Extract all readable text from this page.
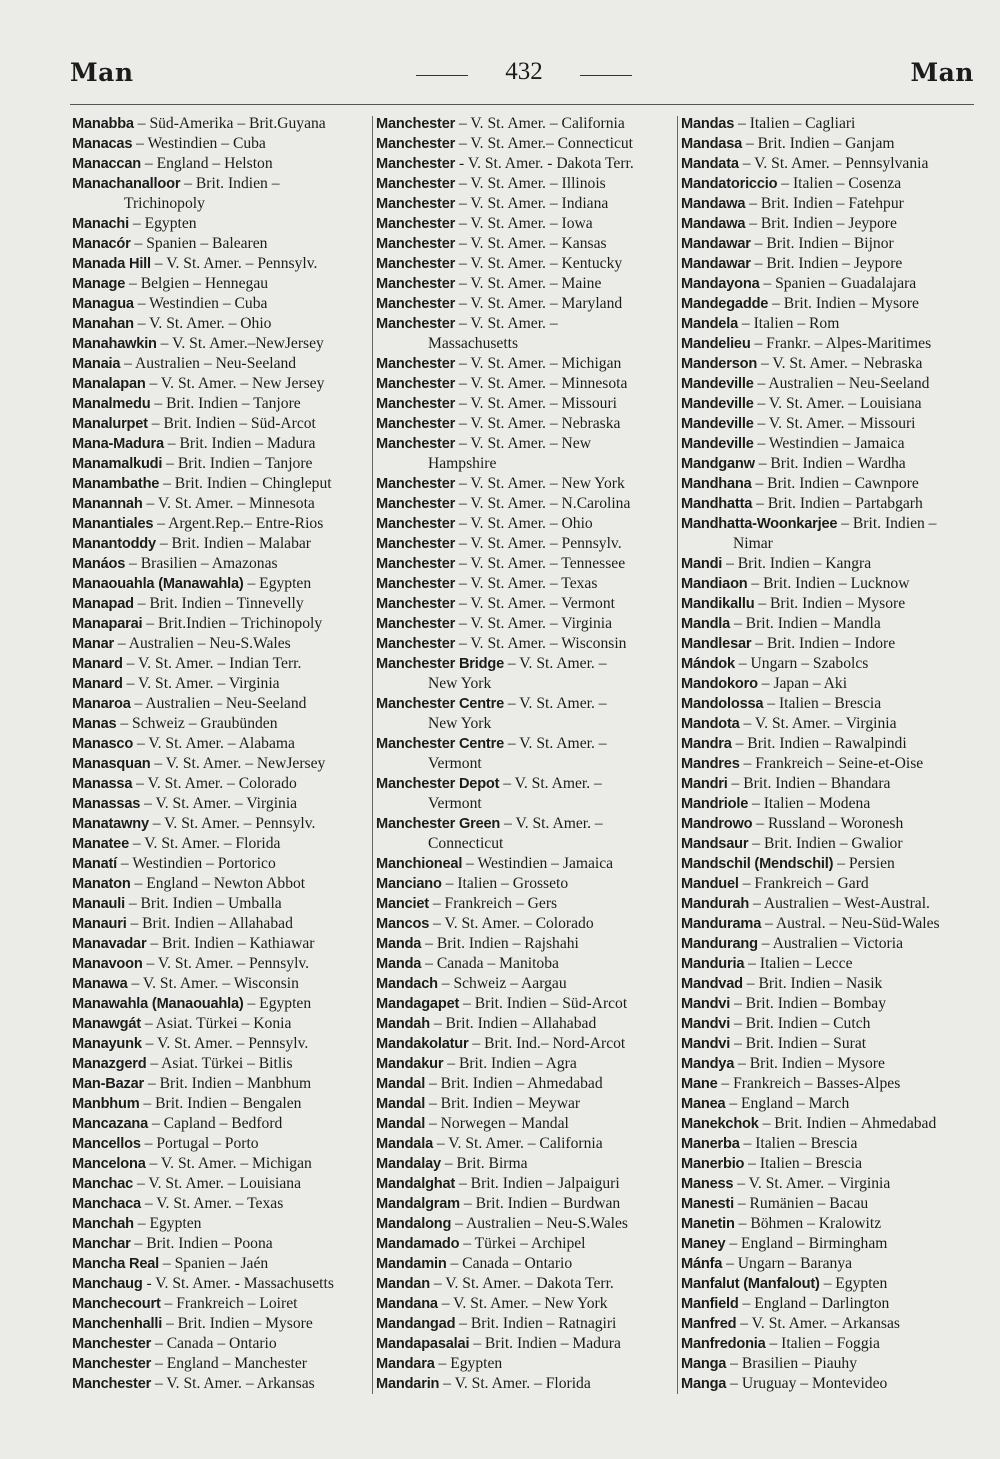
Man	432	Man
Manabba – Süd-Amerika – Brit.Guyana
Manacas – Westindien – Cuba
Manaccan – England – Helston
Manachanalloor – Brit. Indien –
Trichinopoly
Manachi – Egypten
Manacór – Spanien – Balearen
Manada Hill – V. St. Amer. – Pennsylv.
Manage – Belgien – Hennegau
Managua – Westindien – Cuba
Manahan – V. St. Amer. – Ohio
Manahawkin – V. St. Amer.–NewJersey
Manaia – Australien – Neu-Seeland
Manalapan – V. St. Amer. – New Jersey
Manalmedu – Brit. Indien – Tanjore
Manalurpet – Brit. Indien – Süd-Arcot
Mana-Madura – Brit. Indien – Madura
Manamalkudi – Brit. Indien – Tanjore
Manambathe – Brit. Indien – Chingleput
Manannah – V. St. Amer. – Minnesota
Manantiales – Argent.Rep.– Entre-Rios
Manantoddy – Brit. Indien – Malabar
Manáos – Brasilien – Amazonas
Manaouahla (Manawahla) – Egypten
Manapad – Brit. Indien – Tinnevelly
Manaparai – Brit.Indien – Trichinopoly
Manar – Australien – Neu-S.Wales
Manard – V. St. Amer. – Indian Terr.
Manard – V. St. Amer. – Virginia
Manaroa – Australien – Neu-Seeland
Manas – Schweiz – Graubünden
Manasco – V. St. Amer. – Alabama
Manasquan – V. St. Amer. – NewJersey
Manassa – V. St. Amer. – Colorado
Manassas – V. St. Amer. – Virginia
Manatawny – V. St. Amer. – Pennsylv.
Manatee – V. St. Amer. – Florida
Manatí – Westindien – Portorico
Manaton – England – Newton Abbot
Manauli – Brit. Indien – Umballa
Manauri – Brit. Indien – Allahabad
Manavadar – Brit. Indien – Kathiawar
Manavoon – V. St. Amer. – Pennsylv.
Manawa – V. St. Amer. – Wisconsin
Manawahla (Manaouahla) – Egypten
Manawgát – Asiat. Türkei – Konia
Manayunk – V. St. Amer. – Pennsylv.
Manazgerd – Asiat. Türkei – Bitlis
Man-Bazar – Brit. Indien – Manbhum
Manbhum – Brit. Indien – Bengalen
Mancazana – Capland – Bedford
Mancellos – Portugal – Porto
Mancelona – V. St. Amer. – Michigan
Manchac – V. St. Amer. – Louisiana
Manchaca – V. St. Amer. – Texas
Manchah – Egypten
Manchar – Brit. Indien – Poona
Mancha Real – Spanien – Jaén
Manchaug - V. St. Amer. - Massachusetts
Manchecourt – Frankreich – Loiret
Manchenhalli – Brit. Indien – Mysore
Manchester – Canada – Ontario
Manchester – England – Manchester
Manchester – V. St. Amer. – Arkansas
Manchester – V. St. Amer. – California
Manchester – V. St. Amer.– Connecticut
Manchester - V. St. Amer. - Dakota Terr.
Manchester – V. St. Amer. – Illinois
Manchester – V. St. Amer. – Indiana
Manchester – V. St. Amer. – Iowa
Manchester – V. St. Amer. – Kansas
Manchester – V. St. Amer. – Kentucky
Manchester – V. St. Amer. – Maine
Manchester – V. St. Amer. – Maryland
Manchester – V. St. Amer. –
Massachusetts
Manchester – V. St. Amer. – Michigan
Manchester – V. St. Amer. – Minnesota
Manchester – V. St. Amer. – Missouri
Manchester – V. St. Amer. – Nebraska
Manchester – V. St. Amer. – New
Hampshire
Manchester – V. St. Amer. – New York
Manchester – V. St. Amer. – N.Carolina
Manchester – V. St. Amer. – Ohio
Manchester – V. St. Amer. – Pennsylv.
Manchester – V. St. Amer. – Tennessee
Manchester – V. St. Amer. – Texas
Manchester – V. St. Amer. – Vermont
Manchester – V. St. Amer. – Virginia
Manchester – V. St. Amer. – Wisconsin
Manchester Bridge – V. St. Amer. –
New York
Manchester Centre – V. St. Amer. –
New York
Manchester Centre – V. St. Amer. –
Vermont
Manchester Depot – V. St. Amer. –
Vermont
Manchester Green – V. St. Amer. –
Connecticut
Manchioneal – Westindien – Jamaica
Manciano – Italien – Grosseto
Manciet – Frankreich – Gers
Mancos – V. St. Amer. – Colorado
Manda – Brit. Indien – Rajshahi
Manda – Canada – Manitoba
Mandach – Schweiz – Aargau
Mandagapet – Brit. Indien – Süd-Arcot
Mandah – Brit. Indien – Allahabad
Mandakolatur – Brit. Ind.– Nord-Arcot
Mandakur – Brit. Indien – Agra
Mandal – Brit. Indien – Ahmedabad
Mandal – Brit. Indien – Meywar
Mandal – Norwegen – Mandal
Mandala – V. St. Amer. – California
Mandalay – Brit. Birma
Mandalghat – Brit. Indien – Jalpaiguri
Mandalgram – Brit. Indien – Burdwan
Mandalong – Australien – Neu-S.Wales
Mandamado – Türkei – Archipel
Mandamin – Canada – Ontario
Mandan – V. St. Amer. – Dakota Terr.
Mandana – V. St. Amer. – New York
Mandangad – Brit. Indien – Ratnagiri
Mandapasalai – Brit. Indien – Madura
Mandara – Egypten
Mandarin – V. St. Amer. – Florida
Mandas – Italien – Cagliari
Mandasa – Brit. Indien – Ganjam
Mandata – V. St. Amer. – Pennsylvania
Mandatoriccio – Italien – Cosenza
Mandawa – Brit. Indien – Fatehpur
Mandawa – Brit. Indien – Jeypore
Mandawar – Brit. Indien – Bijnor
Mandawar – Brit. Indien – Jeypore
Mandayona – Spanien – Guadalajara
Mandegadde – Brit. Indien – Mysore
Mandela – Italien – Rom
Mandelieu – Frankr. – Alpes-Maritimes
Manderson – V. St. Amer. – Nebraska
Mandeville – Australien – Neu-Seeland
Mandeville – V. St. Amer. – Louisiana
Mandeville – V. St. Amer. – Missouri
Mandeville – Westindien – Jamaica
Mandganw – Brit. Indien – Wardha
Mandhana – Brit. Indien – Cawnpore
Mandhatta – Brit. Indien – Partabgarh
Mandhatta-Woonkarjee – Brit. Indien –
Nimar
Mandi – Brit. Indien – Kangra
Mandiaon – Brit. Indien – Lucknow
Mandikallu – Brit. Indien – Mysore
Mandla – Brit. Indien – Mandla
Mandlesar – Brit. Indien – Indore
Mándok – Ungarn – Szabolcs
Mandokoro – Japan – Aki
Mandolossa – Italien – Brescia
Mandota – V. St. Amer. – Virginia
Mandra – Brit. Indien – Rawalpindi
Mandres – Frankreich – Seine-et-Oise
Mandri – Brit. Indien – Bhandara
Mandriole – Italien – Modena
Mandrowo – Russland – Woronesh
Mandsaur – Brit. Indien – Gwalior
Mandschil (Mendschil) – Persien
Manduel – Frankreich – Gard
Mandurah – Australien – West-Austral.
Mandurama – Austral. – Neu-Süd-Wales
Mandurang – Australien – Victoria
Manduria – Italien – Lecce
Mandvad – Brit. Indien – Nasik
Mandvi – Brit. Indien – Bombay
Mandvi – Brit. Indien – Cutch
Mandvi – Brit. Indien – Surat
Mandya – Brit. Indien – Mysore
Mane – Frankreich – Basses-Alpes
Manea – England – March
Manekchok – Brit. Indien – Ahmedabad
Manerba – Italien – Brescia
Manerbio – Italien – Brescia
Maness – V. St. Amer. – Virginia
Manesti – Rumänien – Bacau
Manetin – Böhmen – Kralowitz
Maney – England – Birmingham
Mánfa – Ungarn – Baranya
Manfalut (Manfalout) – Egypten
Manfield – England – Darlington
Manfred – V. St. Amer. – Arkansas
Manfredonia – Italien – Foggia
Manga – Brasilien – Piauhy
Manga – Uruguay – Montevideo
